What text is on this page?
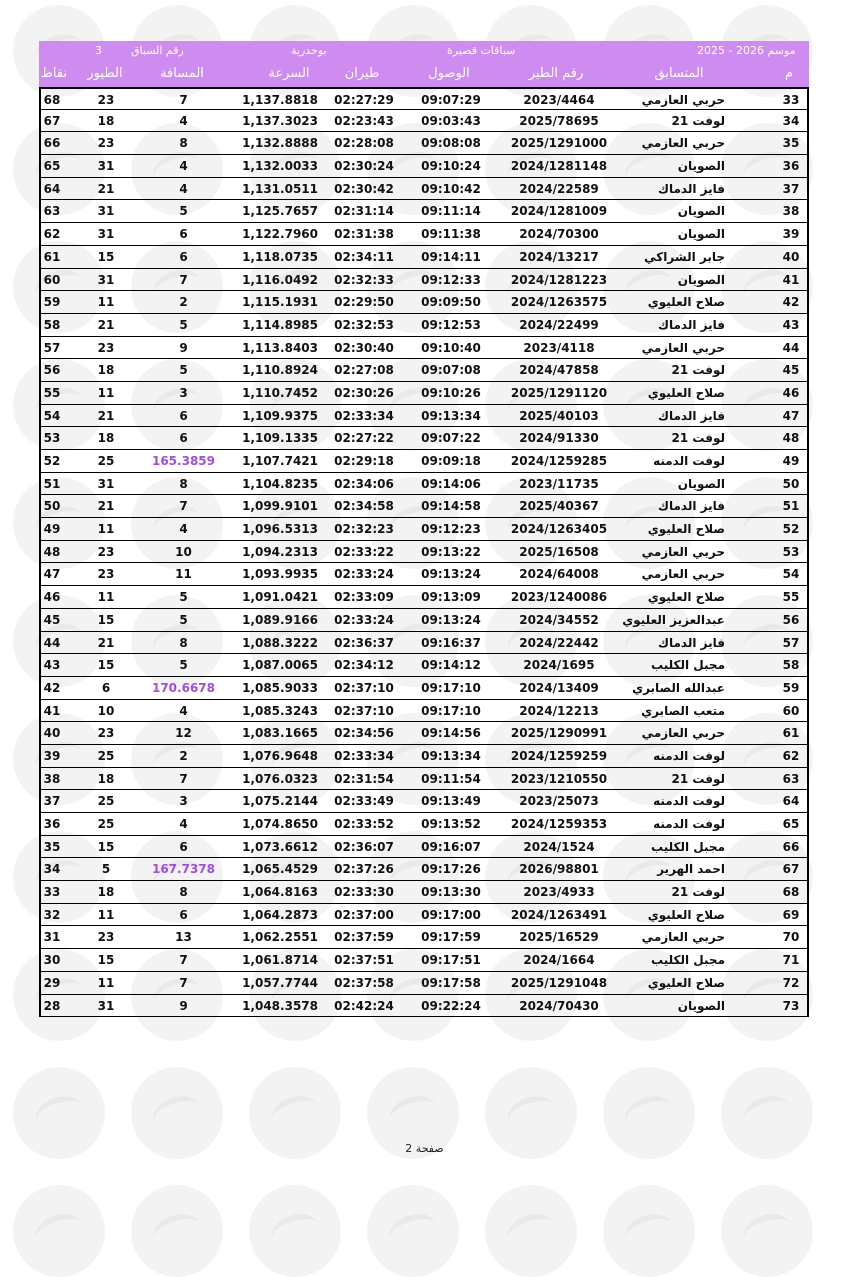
3	رقم السباق	بوحدرية	سباقات قصيرة	موسم 2026 - 2025
نقاط الطيور	المسافة	السرعة	طيران	الوصول	رقم الطير	المتسابق	م
68	23	7	1,137.8818	02:27:29	09:07:29	2023/4464	حربي العازمي	33
67	18	4	1,137.3023	02:23:43	09:03:43	2025/78695	لوفت 21	34
66	23	8	1,132.8888	02:28:08	09:08:08	2025/1291000	حربي العازمي	35
65	31	4	1,132.0033	02:30:24	09:10:24	2024/1281148	الصويان	36
64	21	4	1,131.0511	02:30:42	09:10:42	2024/22589	فايز الدماك	37
63	31	5	1,125.7657	02:31:14	09:11:14	2024/1281009	الصويان	38
62	31	6	1,122.7960	02:31:38	09:11:38	2024/70300	الصويان	39
61	15	6	1,118.0735	02:34:11	09:14:11	2024/13217	جابر الشراكي	40
60	31	7	1,116.0492	02:32:33	09:12:33	2024/1281223	الصويان	41
59	11	2	1,115.1931	02:29:50	09:09:50	2024/1263575	صلاح العليوي	42
58	21	5	1,114.8985	02:32:53	09:12:53	2024/22499	فايز الدماك	43
57	23	9	1,113.8403	02:30:40	09:10:40	2023/4118	حربي العازمي	44
56	18	5	1,110.8924	02:27:08	09:07:08	2024/47858	لوفت 21	45
55	11	3	1,110.7452	02:30:26	09:10:26	2025/1291120	صلاح العليوي	46
54	21	6	1,109.9375	02:33:34	09:13:34	2025/40103	فايز الدماك	47
53	18	6	1,109.1335	02:27:22	09:07:22	2024/91330	لوفت 21	48
52	25	165.3859	1,107.7421	02:29:18	09:09:18	2024/1259285	لوفت الدمنه	49
51	31	8	1,104.8235	02:34:06	09:14:06	2023/11735	الصويان	50
50	21	7	1,099.9101	02:34:58	09:14:58	2025/40367	فايز الدماك	51
49	11	4	1,096.5313	02:32:23	09:12:23	2024/1263405	صلاح العليوي	52
48	23	10	1,094.2313	02:33:22	09:13:22	2025/16508	حربي العازمي	53
47	23	11	1,093.9935	02:33:24	09:13:24	2024/64008	حربي العازمي	54
46	11	5	1,091.0421	02:33:09	09:13:09	2023/1240086	صلاح العليوي	55
45	15	5	1,089.9166	02:33:24	09:13:24	2024/34552	عبدالعزيز العليوي	56
44	21	8	1,088.3222	02:36:37	09:16:37	2024/22442	فايز الدماك	57
43	15	5	1,087.0065	02:34:12	09:14:12	2024/1695	مجبل الكليب	58
42	6	170.6678	1,085.9033	02:37:10	09:17:10	2024/13409	عبدالله الصابري	59
41	10	4	1,085.3243	02:37:10	09:17:10	2024/12213	متعب الصابري	60
40	23	12	1,083.1665	02:34:56	09:14:56	2025/1290991	حربي العازمي	61
39	25	2	1,076.9648	02:33:34	09:13:34	2024/1259259	لوفت الدمنه	62
38	18	7	1,076.0323	02:31:54	09:11:54	2023/1210550	لوفت 21	63
37	25	3	1,075.2144	02:33:49	09:13:49	2023/25073	لوفت الدمنه	64
36	25	4	1,074.8650	02:33:52	09:13:52	2024/1259353	لوفت الدمنه	65
35	15	6	1,073.6612	02:36:07	09:16:07	2024/1524	مجبل الكليب	66
34	5	167.7378	1,065.4529	02:37:26	09:17:26	2026/98801	احمد الهرير	67
33	18	8	1,064.8163	02:33:30	09:13:30	2023/4933	لوفت 21	68
32	11	6	1,064.2873	02:37:00	09:17:00	2024/1263491	صلاح العليوي	69
31	23	13	1,062.2551	02:37:59	09:17:59	2025/16529	حربي العازمي	70
30	15	7	1,061.8714	02:37:51	09:17:51	2024/1664	مجبل الكليب	71
29	11	7	1,057.7744	02:37:58	09:17:58	2025/1291048	صلاح العليوي	72
28	31	9	1,048.3578	02:42:24	09:22:24	2024/70430	الصويان	73
صفحة 2
